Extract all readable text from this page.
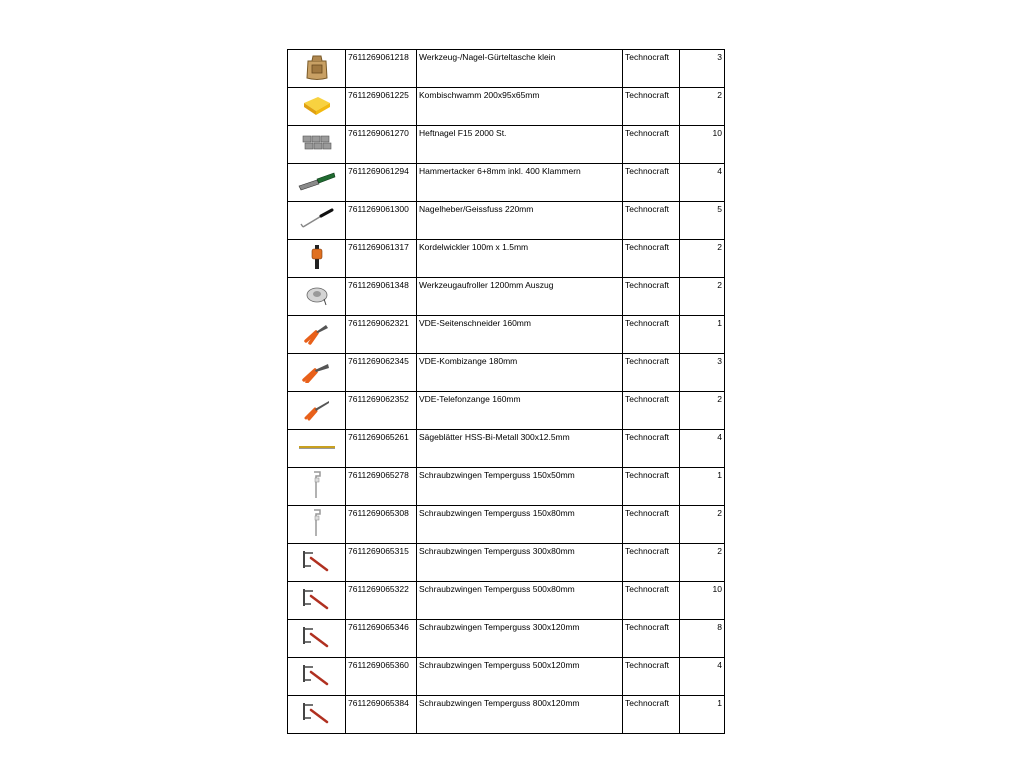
	7611269061218	Werkzeug-/Nagel-Gürteltasche klein	Technocraft	3

	7611269061225	Kombischwamm 200x95x65mm	Technocraft	2

	7611269061270	Heftnagel F15 2000 St.	Technocraft	10

	7611269061294	Hammertacker 6+8mm inkl. 400 Klammern	Technocraft	4

	7611269061300	Nagelheber/Geissfuss 220mm	Technocraft	5

	7611269061317	Kordelwickler 100m x 1.5mm	Technocraft	2

	7611269061348	Werkzeugaufroller 1200mm Auszug	Technocraft	2

	7611269062321	VDE-Seitenschneider 160mm	Technocraft	1

	7611269062345	VDE-Kombizange 180mm	Technocraft	3

	7611269062352	VDE-Telefonzange 160mm	Technocraft	2

	7611269065261	Sägeblätter HSS-Bi-Metall 300x12.5mm	Technocraft	4

	7611269065278	Schraubzwingen Temperguss 150x50mm	Technocraft	1

	7611269065308	Schraubzwingen Temperguss 150x80mm	Technocraft	2

	7611269065315	Schraubzwingen Temperguss 300x80mm	Technocraft	2

	7611269065322	Schraubzwingen Temperguss 500x80mm	Technocraft	10

	7611269065346	Schraubzwingen Temperguss 300x120mm	Technocraft	8

	7611269065360	Schraubzwingen Temperguss 500x120mm	Technocraft	4

	7611269065384	Schraubzwingen Temperguss 800x120mm	Technocraft	1
